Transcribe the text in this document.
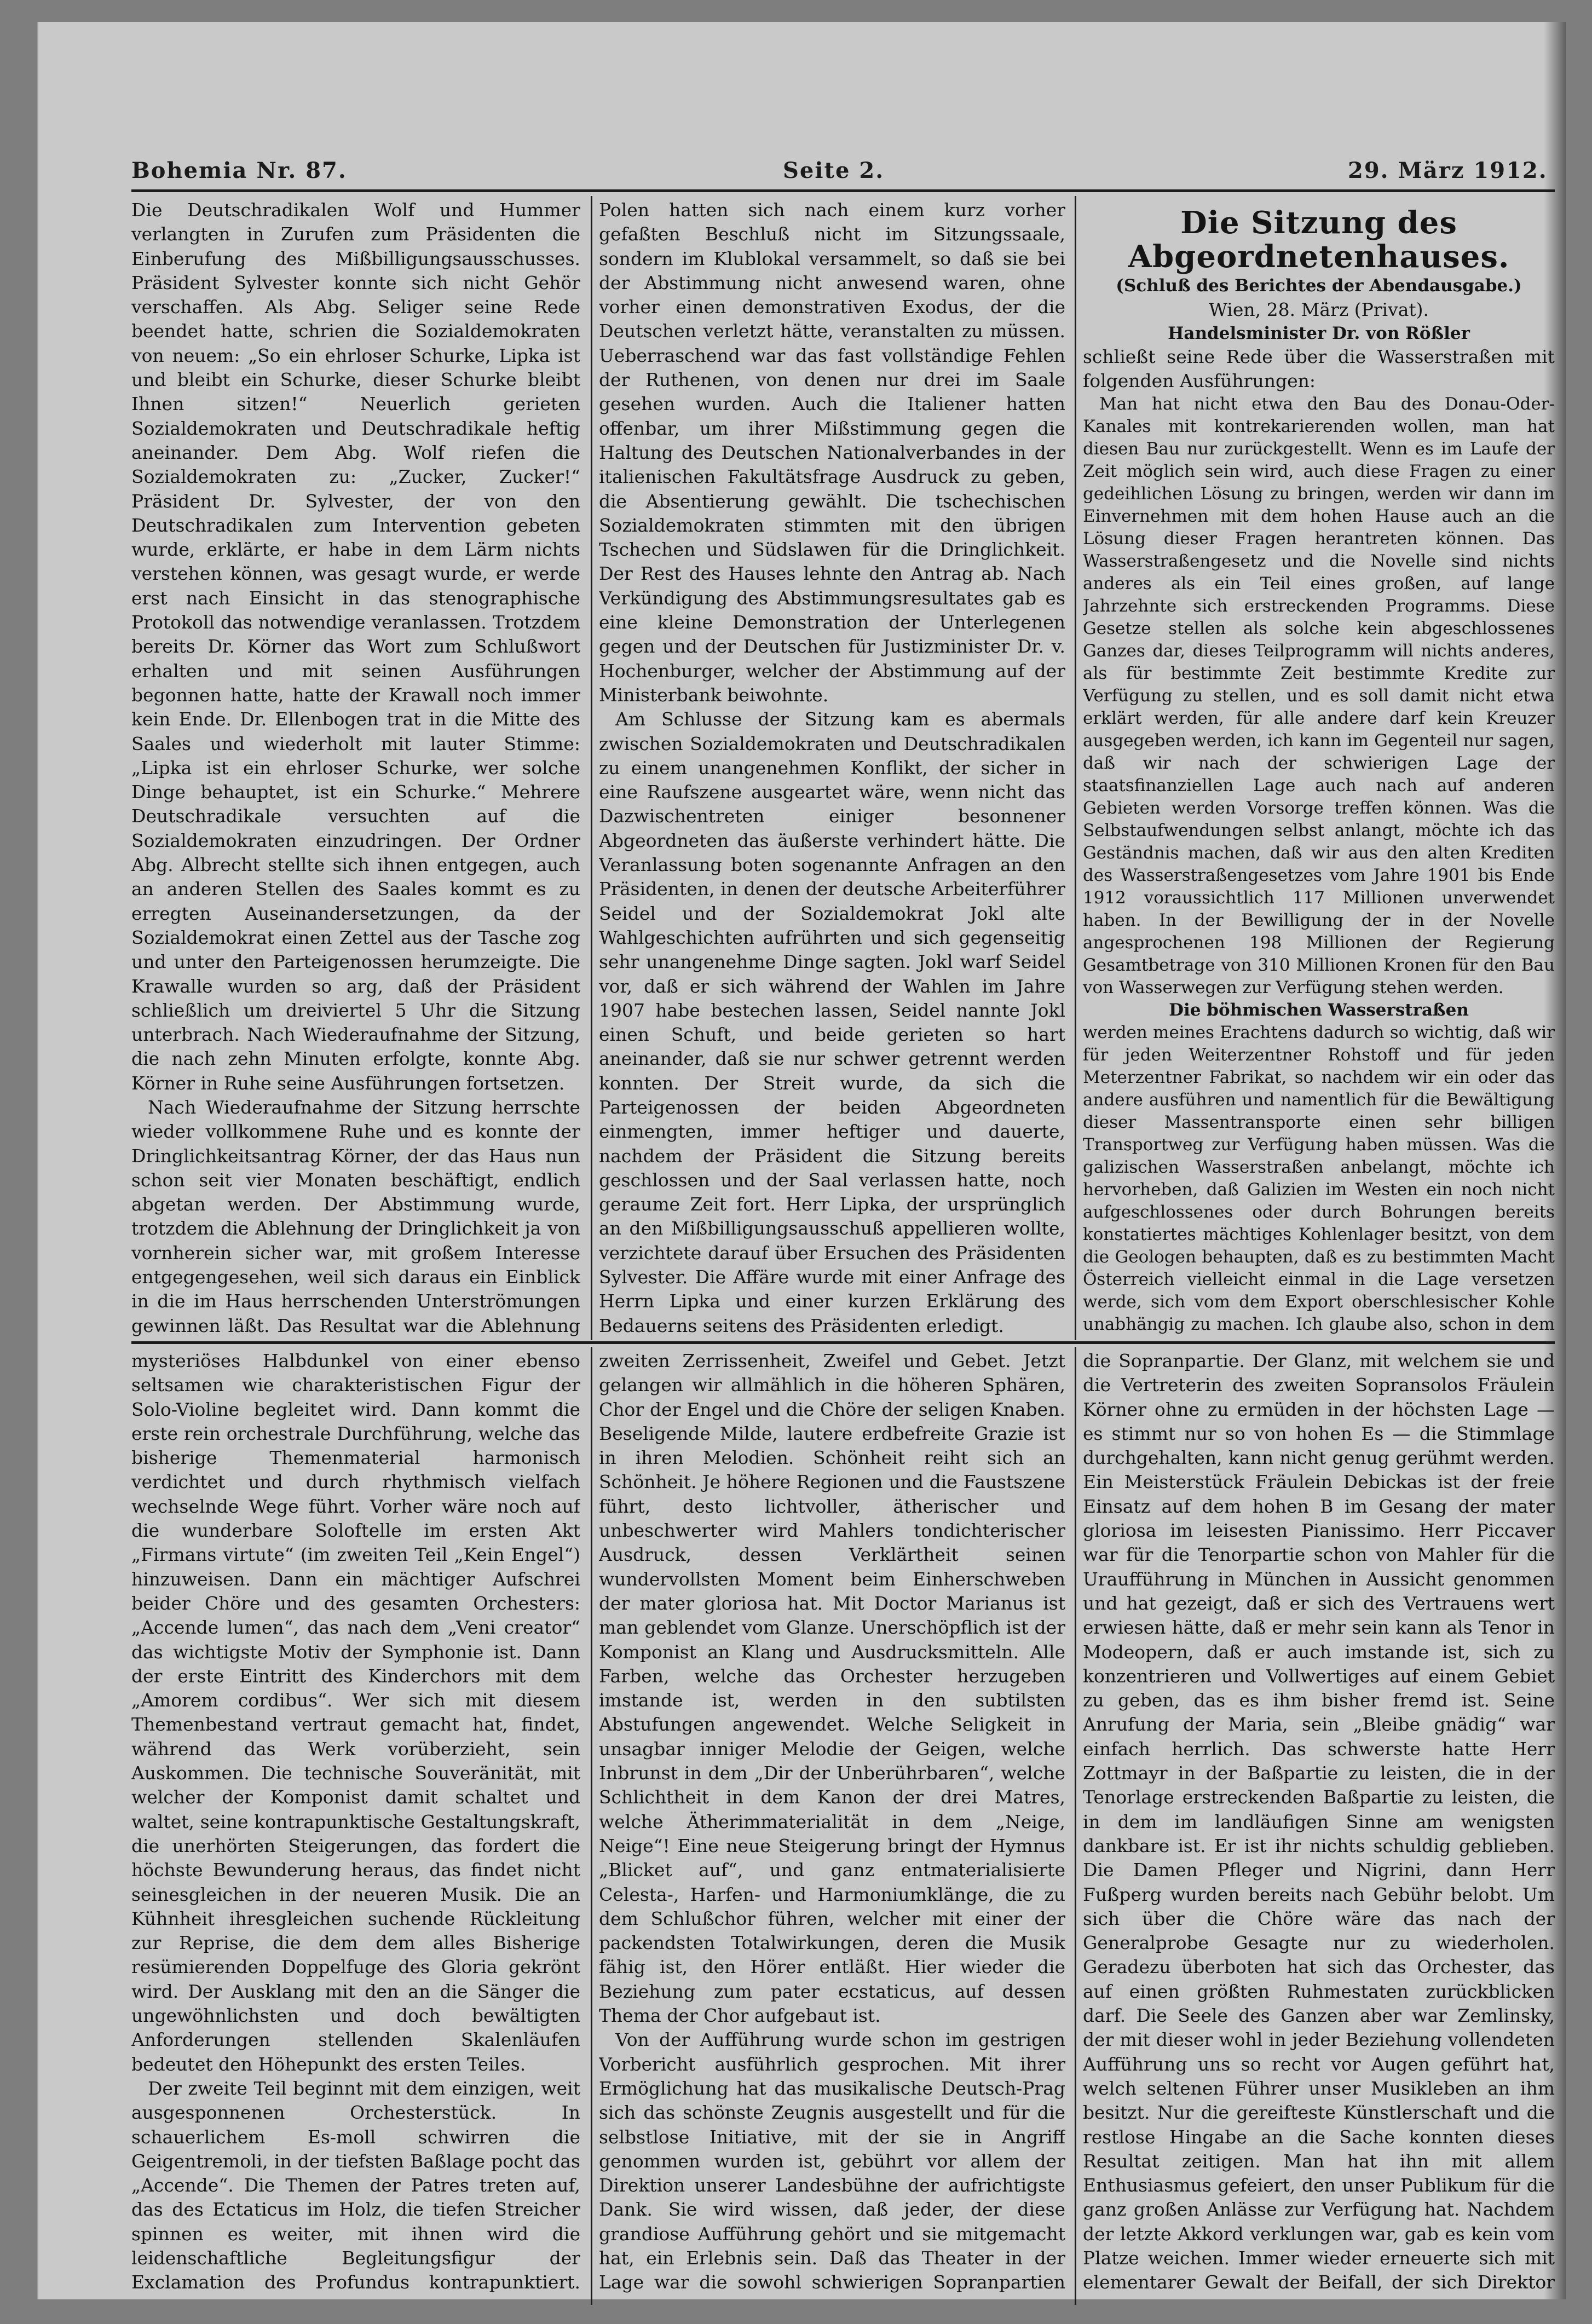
Bohemia Nr. 87.	Seite 2.	29. März 1912.

Die Deutschradikalen Wolf und Hummer verlangten in Zurufen zum Präsidenten die Einberufung des Mißbilligungsausschusses. Präsident Sylvester konnte sich nicht Gehör verschaffen. Als Abg. Seliger seine Rede beendet hatte, schrien die Sozialdemokraten von neuem: „So ein ehrloser Schurke, Lipka ist und bleibt ein Schurke, dieser Schurke bleibt Ihnen sitzen!“ Neuerlich gerieten Sozialdemokraten und Deutschradikale heftig aneinander. Dem Abg. Wolf riefen die Sozialdemokraten zu: „Zucker, Zucker!“ Präsident Dr. Sylvester, der von den Deutschradikalen zum Intervention gebeten wurde, erklärte, er habe in dem Lärm nichts verstehen können, was gesagt wurde, er werde erst nach Einsicht in das stenographische Protokoll das notwendige veranlassen. Trotzdem bereits Dr. Körner das Wort zum Schlußwort erhalten und mit seinen Ausführungen begonnen hatte, hatte der Krawall noch immer kein Ende. Dr. Ellenbogen trat in die Mitte des Saales und wiederholt mit lauter Stimme: „Lipka ist ein ehrloser Schurke, wer solche Dinge behauptet, ist ein Schurke.“ Mehrere Deutschradikale versuchten auf die Sozialdemokraten einzudringen. Der Ordner Abg. Albrecht stellte sich ihnen entgegen, auch an anderen Stellen des Saales kommt es zu erregten Auseinandersetzungen, da der Sozialdemokrat einen Zettel aus der Tasche zog und unter den Parteigenossen herumzeigte. Die Krawalle wurden so arg, daß der Präsident schließlich um dreiviertel 5 Uhr die Sitzung unterbrach. Nach Wiederaufnahme der Sitzung, die nach zehn Minuten erfolgte, konnte Abg. Körner in Ruhe seine Ausführungen fortsetzen.

Nach Wiederaufnahme der Sitzung herrschte wieder vollkommene Ruhe und es konnte der Dringlichkeitsantrag Körner, der das Haus nun schon seit vier Monaten beschäftigt, endlich abgetan werden. Der Abstimmung wurde, trotzdem die Ablehnung der Dringlichkeit ja von vornherein sicher war, mit großem Interesse entgegengesehen, weil sich daraus ein Einblick in die im Haus herrschenden Unterströmungen gewinnen läßt. Das Resultat war die Ablehnung

Polen hatten sich nach einem kurz vorher gefaßten Beschluß nicht im Sitzungssaale, sondern im Klublokal versammelt, so daß sie bei der Abstimmung nicht anwesend waren, ohne vorher einen demonstrativen Exodus, der die Deutschen verletzt hätte, veranstalten zu müssen. Ueberraschend war das fast vollständige Fehlen der Ruthenen, von denen nur drei im Saale gesehen wurden. Auch die Italiener hatten offenbar, um ihrer Mißstimmung gegen die Haltung des Deutschen Nationalverbandes in der italienischen Fakultätsfrage Ausdruck zu geben, die Absentierung gewählt. Die tschechischen Sozialdemokraten stimmten mit den übrigen Tschechen und Südslawen für die Dringlichkeit. Der Rest des Hauses lehnte den Antrag ab. Nach Verkündigung des Abstimmungsresultates gab es eine kleine Demonstration der Unterlegenen gegen und der Deutschen für Justizminister Dr. v. Hochenburger, welcher der Abstimmung auf der Ministerbank beiwohnte.

Am Schlusse der Sitzung kam es abermals zwischen Sozialdemokraten und Deutschradikalen zu einem unangenehmen Konflikt, der sicher in eine Raufszene ausgeartet wäre, wenn nicht das Dazwischentreten einiger besonnener Abgeordneten das äußerste verhindert hätte. Die Veranlassung boten sogenannte Anfragen an den Präsidenten, in denen der deutsche Arbeiterführer Seidel und der Sozialdemokrat Jokl alte Wahlgeschichten aufrührten und sich gegenseitig sehr unangenehme Dinge sagten. Jokl warf Seidel vor, daß er sich während der Wahlen im Jahre 1907 habe bestechen lassen, Seidel nannte Jokl einen Schuft, und beide gerieten so hart aneinander, daß sie nur schwer getrennt werden konnten. Der Streit wurde, da sich die Parteigenossen der beiden Abgeordneten einmengten, immer heftiger und dauerte, nachdem der Präsident die Sitzung bereits geschlossen und der Saal verlassen hatte, noch geraume Zeit fort. Herr Lipka, der ursprünglich an den Mißbilligungsausschuß appellieren wollte, verzichtete darauf über Ersuchen des Präsidenten Sylvester. Die Affäre wurde mit einer Anfrage des Herrn Lipka und einer kurzen Erklärung des Bedauerns seitens des Präsidenten erledigt.

Die Sitzung des Abgeordnetenhauses.

(Schluß des Berichtes der Abendausgabe.)

Wien, 28. März (Privat).

Handelsminister Dr. von Rößler

schließt seine Rede über die Wasserstraßen mit folgenden Ausführungen:

Man hat nicht etwa den Bau des Donau-Oder-Kanales mit kontrekarierenden wollen, man hat diesen Bau nur zurückgestellt. Wenn es im Laufe der Zeit möglich sein wird, auch diese Fragen zu einer gedeihlichen Lösung zu bringen, werden wir dann im Einvernehmen mit dem hohen Hause auch an die Lösung dieser Fragen herantreten können. Das Wasserstraßengesetz und die Novelle sind nichts anderes als ein Teil eines großen, auf lange Jahrzehnte sich erstreckenden Programms. Diese Gesetze stellen als solche kein abgeschlossenes Ganzes dar, dieses Teilprogramm will nichts anderes, als für bestimmte Zeit bestimmte Kredite zur Verfügung zu stellen, und es soll damit nicht etwa erklärt werden, für alle andere darf kein Kreuzer ausgegeben werden, ich kann im Gegenteil nur sagen, daß wir nach der schwierigen Lage der staatsfinanziellen Lage auch nach auf anderen Gebieten werden Vorsorge treffen können. Was die Selbstaufwendungen selbst anlangt, möchte ich das Geständnis machen, daß wir aus den alten Krediten des Wasserstraßengesetzes vom Jahre 1901 bis Ende 1912 voraussichtlich 117 Millionen unverwendet haben. In der Bewilligung der in der Novelle angesprochenen 198 Millionen der Regierung Gesamtbetrage von 310 Millionen Kronen für den Bau von Wasserwegen zur Verfügung stehen werden.

Die böhmischen Wasserstraßen

werden meines Erachtens dadurch so wichtig, daß wir für jeden Weiterzentner Rohstoff und für jeden Meterzentner Fabrikat, so nachdem wir ein oder das andere ausführen und namentlich für die Bewältigung dieser Massentransporte einen sehr billigen Transportweg zur Verfügung haben müssen. Was die galizischen Wasserstraßen anbelangt, möchte ich hervorheben, daß Galizien im Westen ein noch nicht aufgeschlossenes oder durch Bohrungen bereits konstatiertes mächtiges Kohlenlager besitzt, von dem die Geologen behaupten, daß es zu bestimmten Macht Österreich vielleicht einmal in die Lage versetzen werde, sich vom dem Export oberschlesischer Kohle unabhängig zu machen. Ich glaube also, schon in dem

mysteriöses Halbdunkel von einer ebenso seltsamen wie charakteristischen Figur der Solo-Violine begleitet wird. Dann kommt die erste rein orchestrale Durchführung, welche das bisherige Themenmaterial harmonisch verdichtet und durch rhythmisch vielfach wechselnde Wege führt. Vorher wäre noch auf die wunderbare Soloftelle im ersten Akt „Firmans virtute“ (im zweiten Teil „Kein Engel“) hinzuweisen. Dann ein mächtiger Aufschrei beider Chöre und des gesamten Orchesters: „Accende lumen“, das nach dem „Veni creator“ das wichtigste Motiv der Symphonie ist. Dann der erste Eintritt des Kinderchors mit dem „Amorem cordibus“. Wer sich mit diesem Themenbestand vertraut gemacht hat, findet, während das Werk vorüberzieht, sein Auskommen. Die technische Souveränität, mit welcher der Komponist damit schaltet und waltet, seine kontrapunktische Gestaltungskraft, die unerhörten Steigerungen, das fordert die höchste Bewunderung heraus, das findet nicht seinesgleichen in der neueren Musik. Die an Kühnheit ihresgleichen suchende Rückleitung zur Reprise, die dem dem alles Bisherige resümierenden Doppelfuge des Gloria gekrönt wird. Der Ausklang mit den an die Sänger die ungewöhnlichsten und doch bewältigten Anforderungen stellenden Skalenläufen bedeutet den Höhepunkt des ersten Teiles.

Der zweite Teil beginnt mit dem einzigen, weit ausgesponnenen Orchesterstück. In schauerlichem Es-moll schwirren die Geigentremoli, in der tiefsten Baßlage pocht das „Accende“. Die Themen der Patres treten auf, das des Ectaticus im Holz, die tiefen Streicher spinnen es weiter, mit ihnen wird die leidenschaftliche Begleitungsfigur der Exclamation des Profundus kontrapunktiert.

zweiten Zerrissenheit, Zweifel und Gebet. Jetzt gelangen wir allmählich in die höheren Sphären, Chor der Engel und die Chöre der seligen Knaben. Beseligende Milde, lautere erdbefreite Grazie ist in ihren Melodien. Schönheit reiht sich an Schönheit. Je höhere Regionen und die Faustszene führt, desto lichtvoller, ätherischer und unbeschwerter wird Mahlers tondichterischer Ausdruck, dessen Verklärtheit seinen wundervollsten Moment beim Einherschweben der mater gloriosa hat. Mit Doctor Marianus ist man geblendet vom Glanze. Unerschöpflich ist der Komponist an Klang und Ausdrucksmitteln. Alle Farben, welche das Orchester herzugeben imstande ist, werden in den subtilsten Abstufungen angewendet. Welche Seligkeit in unsagbar inniger Melodie der Geigen, welche Inbrunst in dem „Dir der Unberührbaren“, welche Schlichtheit in dem Kanon der drei Matres, welche Ätherimmaterialität in dem „Neige, Neige“! Eine neue Steigerung bringt der Hymnus „Blicket auf“, und ganz entmaterialisierte Celesta-, Harfen- und Harmoniumklänge, die zu dem Schlußchor führen, welcher mit einer der packendsten Totalwirkungen, deren die Musik fähig ist, den Hörer entläßt. Hier wieder die Beziehung zum pater ecstaticus, auf dessen Thema der Chor aufgebaut ist.

Von der Aufführung wurde schon im gestrigen Vorbericht ausführlich gesprochen. Mit ihrer Ermöglichung hat das musikalische Deutsch-Prag sich das schönste Zeugnis ausgestellt und für die selbstlose Initiative, mit der sie in Angriff genommen wurden ist, gebührt vor allem der Direktion unserer Landesbühne der aufrichtigste Dank. Sie wird wissen, daß jeder, der diese grandiose Aufführung gehört und sie mitgemacht hat, ein Erlebnis sein. Daß das Theater in der Lage war die sowohl schwierigen Sopranpartien

die Sopranpartie. Der Glanz, mit welchem sie und die Vertreterin des zweiten Sopransolos Fräulein Körner ohne zu ermüden in der höchsten Lage — es stimmt nur so von hohen Es — die Stimmlage durchgehalten, kann nicht genug gerühmt werden. Ein Meisterstück Fräulein Debickas ist der freie Einsatz auf dem hohen B im Gesang der mater gloriosa im leisesten Pianissimo. Herr Piccaver war für die Tenorpartie schon von Mahler für die Uraufführung in München in Aussicht genommen und hat gezeigt, daß er sich des Vertrauens wert erwiesen hätte, daß er mehr sein kann als Tenor in Modeopern, daß er auch imstande ist, sich zu konzentrieren und Vollwertiges auf einem Gebiet zu geben, das es ihm bisher fremd ist. Seine Anrufung der Maria, sein „Bleibe gnädig“ war einfach herrlich. Das schwerste hatte Herr Zottmayr in der Baßpartie zu leisten, die in der Tenorlage erstreckenden Baßpartie zu leisten, die in dem im landläufigen Sinne am wenigsten dankbare ist. Er ist ihr nichts schuldig geblieben. Die Damen Pfleger und Nigrini, dann Herr Fußperg wurden bereits nach Gebühr belobt. Um sich über die Chöre wäre das nach der Generalprobe Gesagte nur zu wiederholen. Geradezu überboten hat sich das Orchester, das auf einen größten Ruhmestaten zurückblicken darf. Die Seele des Ganzen aber war Zemlinsky, der mit dieser wohl in jeder Beziehung vollendeten Aufführung uns so recht vor Augen geführt hat, welch seltenen Führer unser Musikleben an ihm besitzt. Nur die gereifteste Künstlerschaft und die restlose Hingabe an die Sache konnten dieses Resultat zeitigen. Man hat ihn mit allem Enthusiasmus gefeiert, den unser Publikum für die ganz großen Anlässe zur Verfügung hat. Nachdem der letzte Akkord verklungen war, gab es kein vom Platze weichen. Immer wieder erneuerte sich mit elementarer Gewalt der Beifall, der sich Direktor
